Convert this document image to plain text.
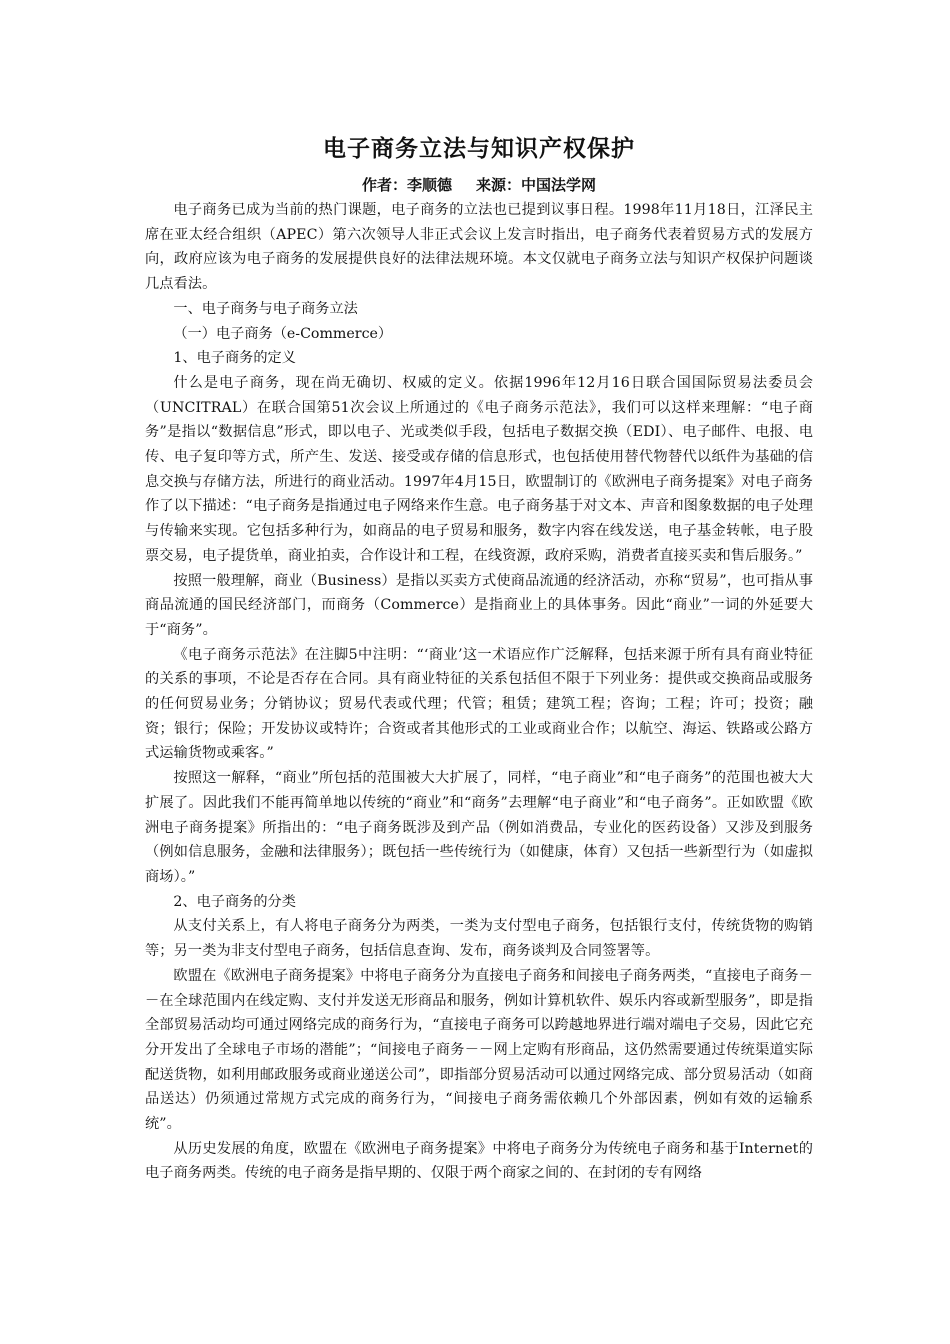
电子商务立法与知识产权保护
作者：李顺德 来源：中国法学网

电子商务已成为当前的热门课题，电子商务的立法也已提到议事日程。1998年11月18日，江泽民主席在亚太经合组织（APEC）第六次领导人非正式会议上发言时指出，电子商务代表着贸易方式的发展方向，政府应该为电子商务的发展提供良好的法律法规环境。本文仅就电子商务立法与知识产权保护问题谈几点看法。

一、电子商务与电子商务立法

（一）电子商务（e-Commerce）

1、电子商务的定义

什么是电子商务，现在尚无确切、权威的定义。依据1996年12月16日联合国国际贸易法委员会（UNCITRAL）在联合国第51次会议上所通过的《电子商务示范法》，我们可以这样来理解：“电子商务”是指以“数据信息”形式，即以电子、光或类似手段，包括电子数据交换（EDI）、电子邮件、电报、电传、电子复印等方式，所产生、发送、接受或存储的信息形式，也包括使用替代物替代以纸件为基础的信息交换与存储方法，所进行的商业活动。1997年4月15日，欧盟制订的《欧洲电子商务提案》对电子商务作了以下描述：“电子商务是指通过电子网络来作生意。电子商务基于对文本、声音和图象数据的电子处理与传输来实现。它包括多种行为，如商品的电子贸易和服务，数字内容在线发送，电子基金转帐，电子股票交易，电子提货单，商业拍卖，合作设计和工程，在线资源，政府采购，消费者直接买卖和售后服务。”

按照一般理解，商业（Business）是指以买卖方式使商品流通的经济活动，亦称“贸易”，也可指从事商品流通的国民经济部门，而商务（Commerce）是指商业上的具体事务。因此“商业”一词的外延要大于“商务”。

《电子商务示范法》在注脚5中注明：“‘商业’这一术语应作广泛解释，包括来源于所有具有商业特征的关系的事项，不论是否存在合同。具有商业特征的关系包括但不限于下列业务：提供或交换商品或服务的任何贸易业务；分销协议；贸易代表或代理；代管；租赁；建筑工程；咨询；工程；许可；投资；融资；银行；保险；开发协议或特许；合资或者其他形式的工业或商业合作；以航空、海运、铁路或公路方式运输货物或乘客。”

按照这一解释，“商业”所包括的范围被大大扩展了，同样，“电子商业”和“电子商务”的范围也被大大扩展了。因此我们不能再简单地以传统的“商业”和“商务”去理解“电子商业”和“电子商务”。正如欧盟《欧洲电子商务提案》所指出的：“电子商务既涉及到产品（例如消费品，专业化的医药设备）又涉及到服务（例如信息服务，金融和法律服务）；既包括一些传统行为（如健康，体育）又包括一些新型行为（如虚拟商场）。”

2、电子商务的分类

从支付关系上，有人将电子商务分为两类，一类为支付型电子商务，包括银行支付，传统货物的购销等；另一类为非支付型电子商务，包括信息查询、发布，商务谈判及合同签署等。

欧盟在《欧洲电子商务提案》中将电子商务分为直接电子商务和间接电子商务两类，“直接电子商务－－在全球范围内在线定购、支付并发送无形商品和服务，例如计算机软件、娱乐内容或新型服务”，即是指全部贸易活动均可通过网络完成的商务行为，“直接电子商务可以跨越地界进行端对端电子交易，因此它充分开发出了全球电子市场的潜能”；“间接电子商务－－网上定购有形商品，这仍然需要通过传统渠道实际配送货物，如利用邮政服务或商业递送公司”，即指部分贸易活动可以通过网络完成、部分贸易活动（如商品送达）仍须通过常规方式完成的商务行为，“间接电子商务需依赖几个外部因素，例如有效的运输系统”。

从历史发展的角度，欧盟在《欧洲电子商务提案》中将电子商务分为传统电子商务和基于Internet的电子商务两类。传统的电子商务是指早期的、仅限于两个商家之间的、在封闭的专有网络
